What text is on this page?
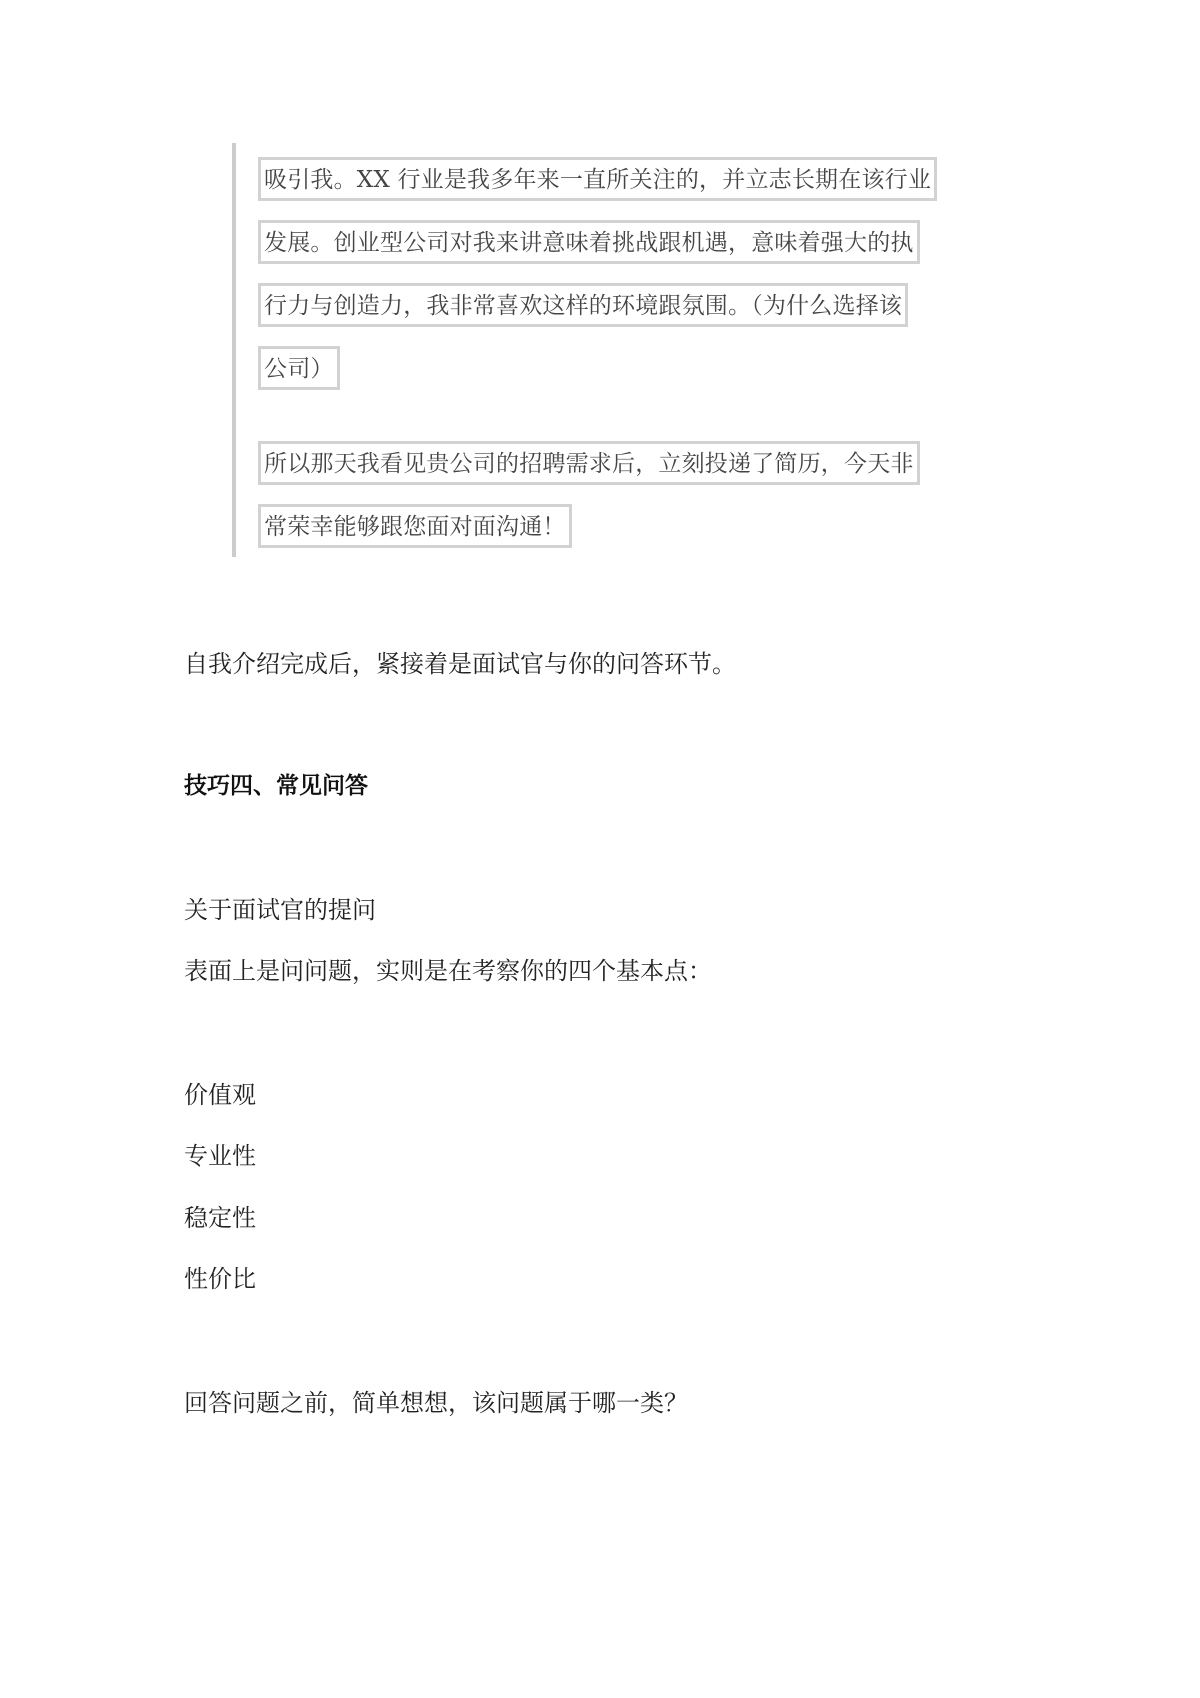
吸引我。XX 行业是我多年来一直所关注的，并立志长期在该行业
发展。创业型公司对我来讲意味着挑战跟机遇，意味着强大的执
行力与创造力，我非常喜欢这样的环境跟氛围。（为什么选择该
公司）
所以那天我看见贵公司的招聘需求后，立刻投递了简历，今天非
常荣幸能够跟您面对面沟通！
自我介绍完成后，紧接着是面试官与你的问答环节。
技巧四、常见问答
关于面试官的提问
表面上是问问题，实则是在考察你的四个基本点：
价值观
专业性
稳定性
性价比
回答问题之前，简单想想，该问题属于哪一类？
